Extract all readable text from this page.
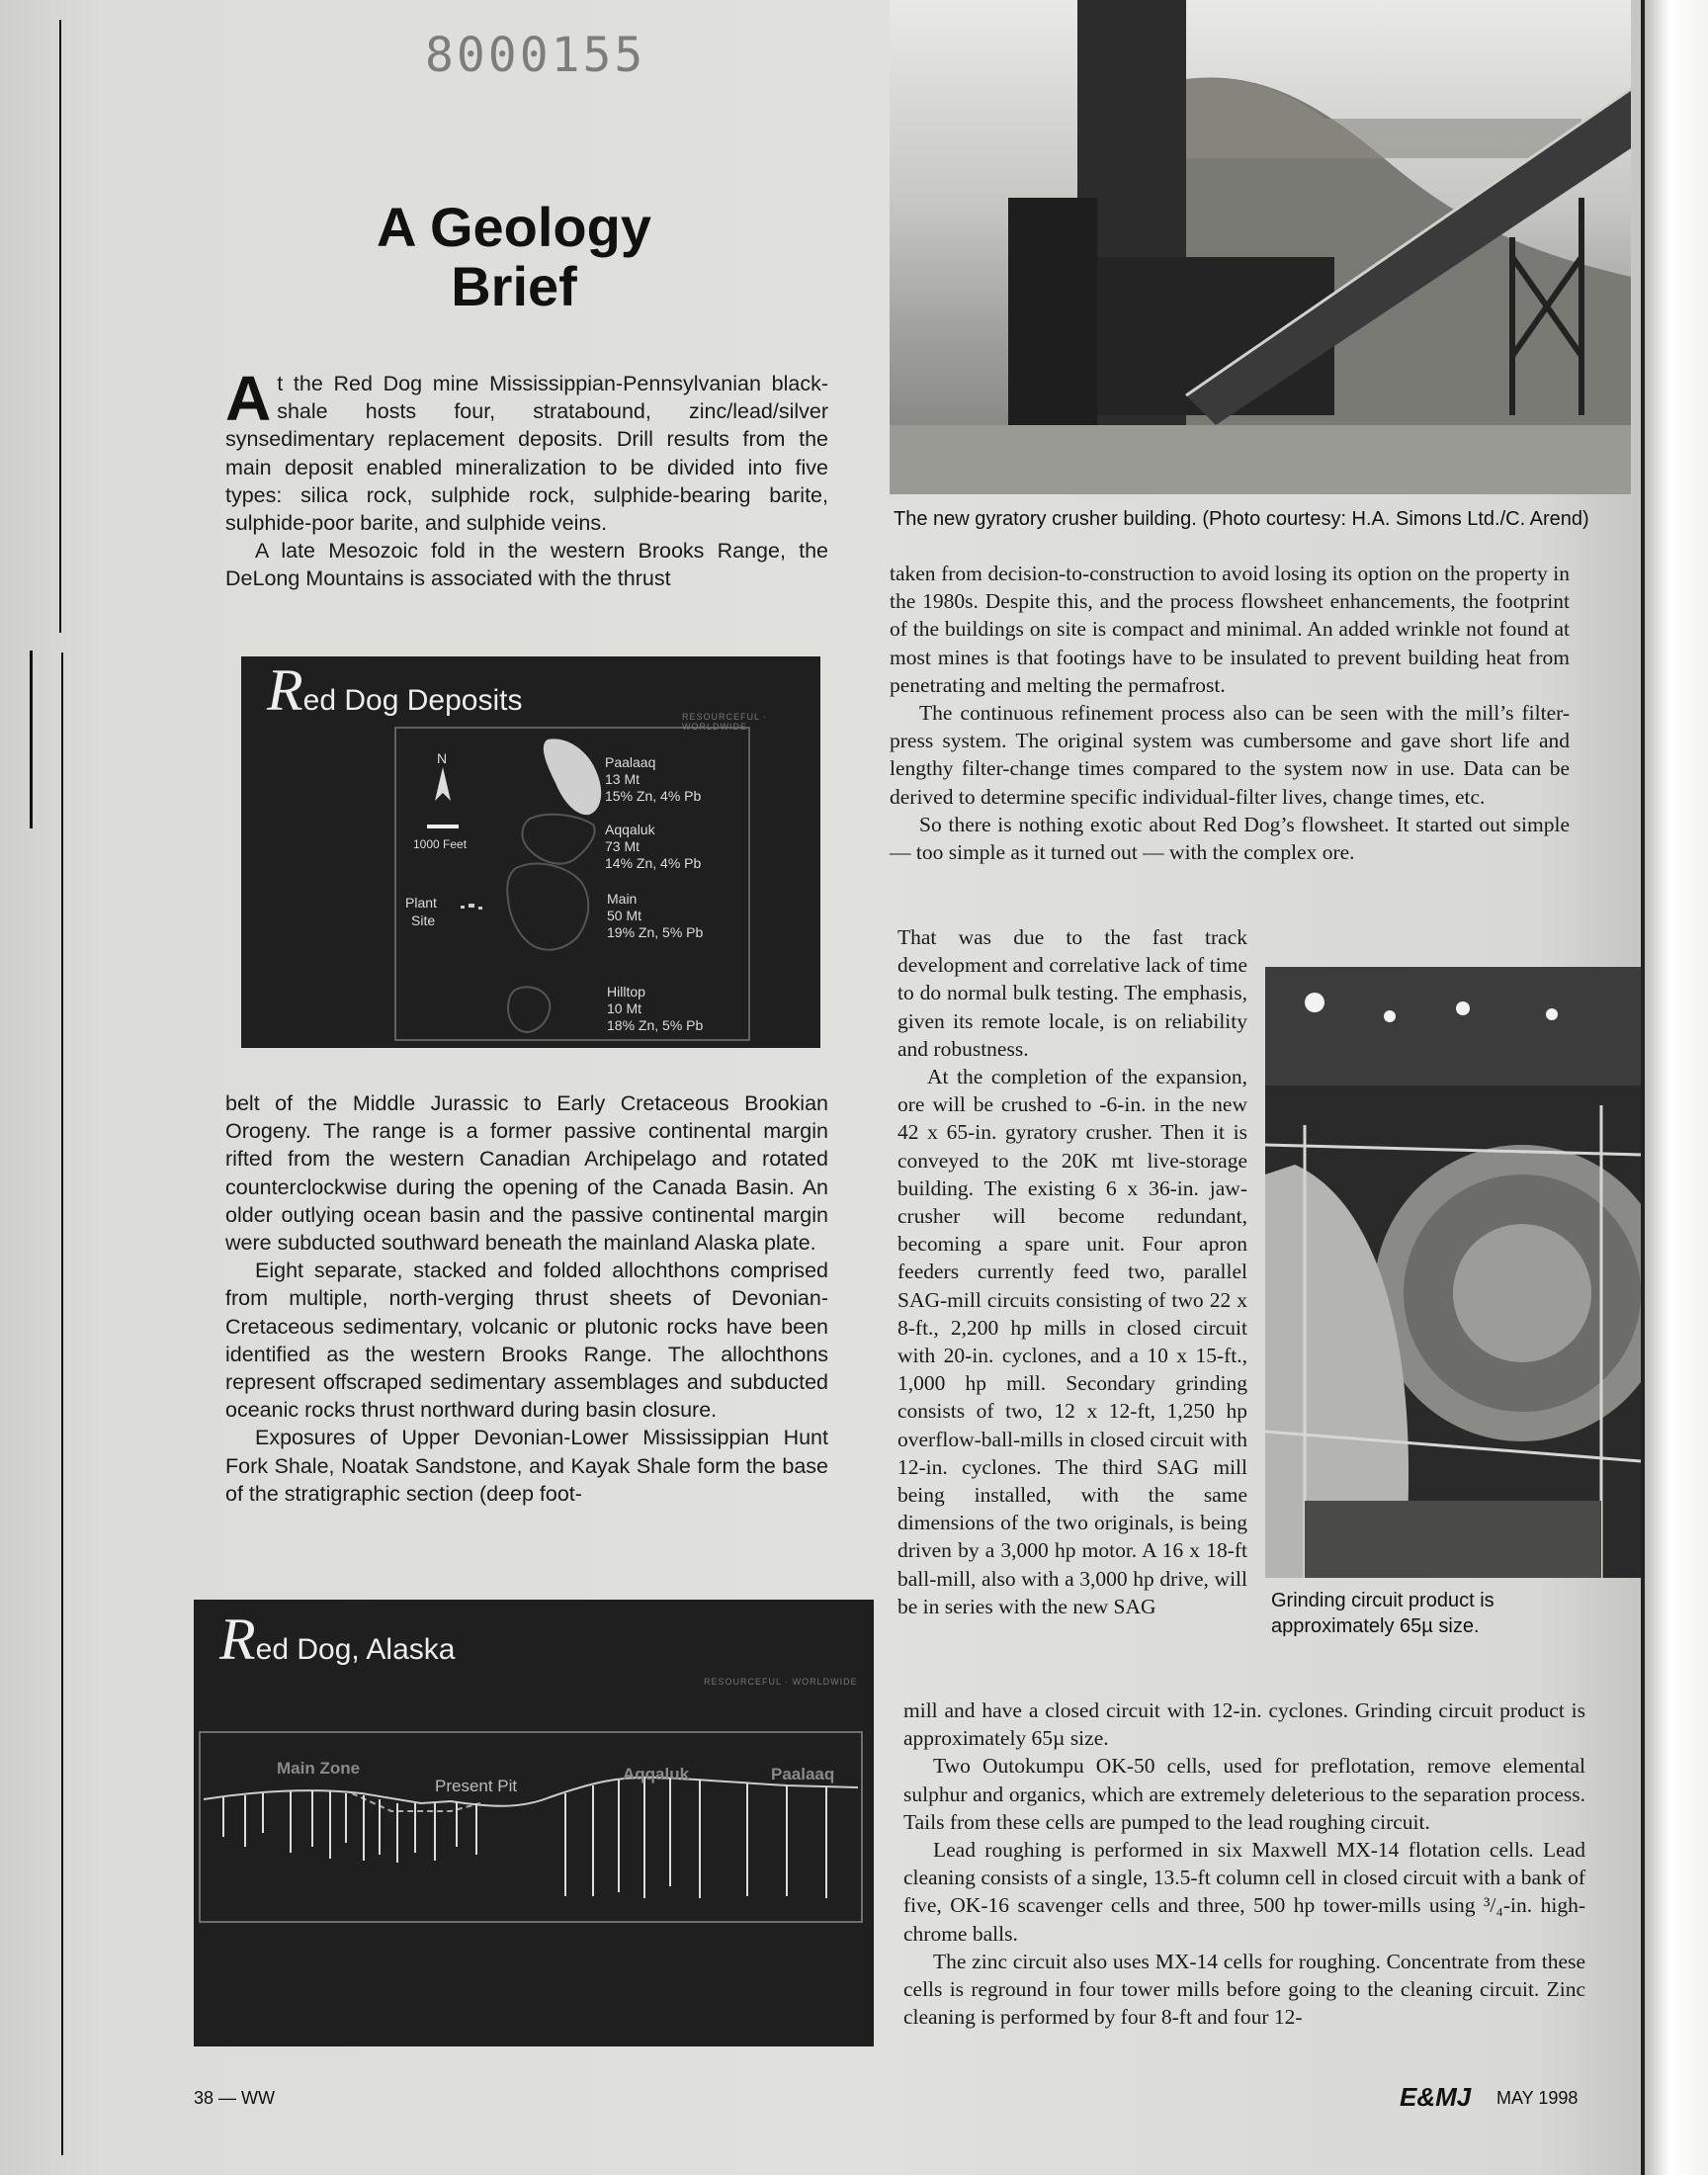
8000155
A Geology
Brief

At the Red Dog mine Mississippian-Pennsylvanian black-shale hosts four, stratabound, zinc/lead/silver synsedimentary replacement deposits. Drill results from the main deposit enabled mineralization to be divided into five types: silica rock, sulphide rock, sulphide-bearing barite, sulphide-poor barite, and sulphide veins.

A late Mesozoic fold in the western Brooks Range, the DeLong Mountains is associated with the thrust

Red Dog Deposits	RESOURCEFUL · WORLDWIDE
N
1000 Feet
Plant
Site
Paalaaq
13 Mt
15% Zn, 4% Pb
Aqqaluk
73 Mt
14% Zn, 4% Pb
Main
50 Mt
19% Zn, 5% Pb
Hilltop
10 Mt
18% Zn, 5% Pb

belt of the Middle Jurassic to Early Cretaceous Brookian Orogeny. The range is a former passive continental margin rifted from the western Canadian Archipelago and rotated counterclockwise during the opening of the Canada Basin. An older outlying ocean basin and the passive continental margin were subducted southward beneath the mainland Alaska plate.

Eight separate, stacked and folded allochthons comprised from multiple, north-verging thrust sheets of Devonian-Cretaceous sedimentary, volcanic or plutonic rocks have been identified as the western Brooks Range. The allochthons represent offscraped sedimentary assemblages and subducted oceanic rocks thrust northward during basin closure.

Exposures of Upper Devonian-Lower Mississippian Hunt Fork Shale, Noatak Sandstone, and Kayak Shale form the base of the stratigraphic section (deep foot-

Red Dog, Alaska
RESOURCEFUL · WORLDWIDE
Main Zone
Present Pit
Aqqaluk	Paalaaq
The new gyratory crusher building. (Photo courtesy: H.A. Simons Ltd./C. Arend)

taken from decision-to-construction to avoid losing its option on the property in the 1980s. Despite this, and the process flowsheet enhancements, the footprint of the buildings on site is compact and minimal. An added wrinkle not found at most mines is that footings have to be insulated to prevent building heat from penetrating and melting the permafrost.

The continuous refinement process also can be seen with the mill’s filter-press system. The original system was cumbersome and gave short life and lengthy filter-change times compared to the system now in use. Data can be derived to determine specific individual-filter lives, change times, etc.

So there is nothing exotic about Red Dog’s flowsheet. It started out simple — too simple as it turned out — with the complex ore.

That was due to the fast track development and correlative lack of time to do normal bulk testing. The emphasis, given its remote locale, is on reliability and robustness.

At the completion of the expansion, ore will be crushed to -6-in. in the new 42 x 65-in. gyratory crusher. Then it is conveyed to the 20K mt live-storage building. The existing 6 x 36-in. jaw-crusher will become redundant, becoming a spare unit. Four apron feeders currently feed two, parallel SAG-mill circuits consisting of two 22 x 8-ft., 2,200 hp mills in closed circuit with 20-in. cyclones, and a 10 x 15-ft., 1,000 hp mill. Secondary grinding consists of two, 12 x 12-ft, 1,250 hp overflow-ball-mills in closed circuit with 12-in. cyclones. The third SAG mill being installed, with the same dimensions of the two originals, is being driven by a 3,000 hp motor. A 16 x 18-ft ball-mill, also with a 3,000 hp drive, will be in series with the new SAG	Grinding circuit product is approximately 65µ size.

mill and have a closed circuit with 12-in. cyclones. Grinding circuit product is approximately 65µ size.

Two Outokumpu OK-50 cells, used for preflotation, remove elemental sulphur and organics, which are extremely deleterious to the separation process. Tails from these cells are pumped to the lead roughing circuit.

Lead roughing is performed in six Maxwell MX-14 flotation cells. Lead cleaning consists of a single, 13.5-ft column cell in closed circuit with a bank of five, OK-16 scavenger cells and three, 500 hp tower-mills using ³/₄-in. high-chrome balls.

The zinc circuit also uses MX-14 cells for roughing. Concentrate from these cells is reground in four tower mills before going to the cleaning circuit. Zinc cleaning is performed by four 8-ft and four 12-

38 — WW	E&MJ MAY 1998
